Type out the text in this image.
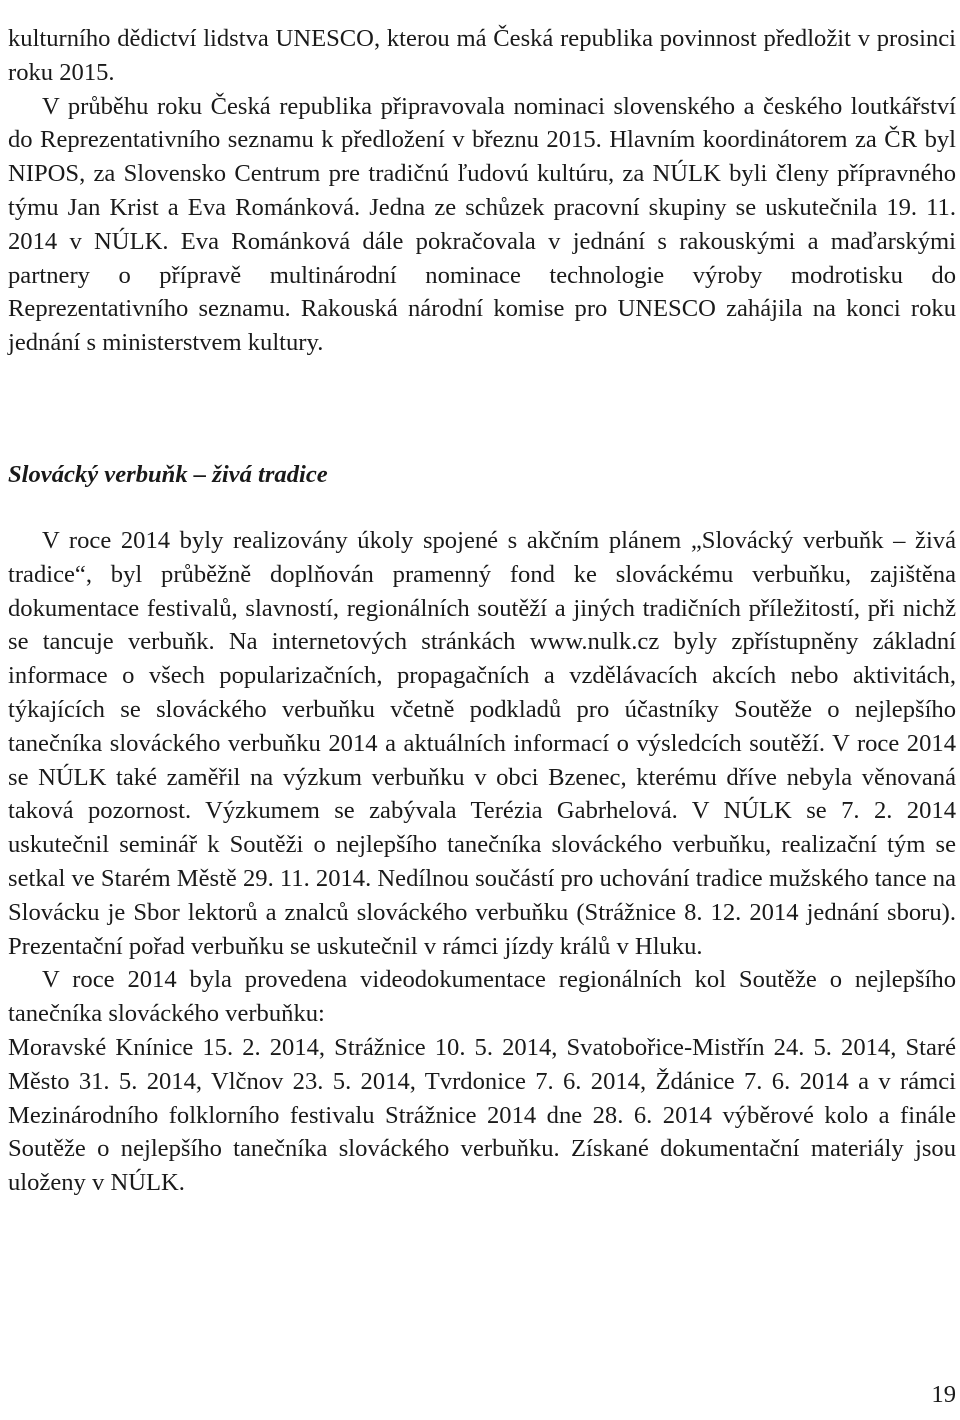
kulturního dědictví lidstva UNESCO, kterou má Česká republika povinnost předložit v prosinci roku 2015.

V průběhu roku Česká republika připravovala nominaci slovenského a českého loutkářství do Reprezentativního seznamu k předložení v březnu 2015. Hlavním koordinátorem za ČR byl NIPOS, za Slovensko Centrum pre tradičnú ľudovú kultúru, za NÚLK byli členy přípravného týmu Jan Krist a Eva Románková. Jedna ze schůzek pracovní skupiny se uskutečnila 19. 11. 2014 v NÚLK. Eva Románková dále pokračovala v jednání s rakouskými a maďarskými partnery o přípravě multinárodní nominace technologie výroby modrotisku do Reprezentativního seznamu. Rakouská národní komise pro UNESCO zahájila na konci roku jednání s ministerstvem kultury.

Slovácký verbuňk – živá tradice

V roce 2014 byly realizovány úkoly spojené s akčním plánem „Slovácký verbuňk – živá tradice“, byl průběžně doplňován pramenný fond ke slováckému verbuňku, zajištěna dokumentace festivalů, slavností, regionálních soutěží a jiných tradičních příležitostí, při nichž se tancuje verbuňk. Na internetových stránkách www.nulk.cz byly zpřístupněny základní informace o všech popularizačních, propagačních a vzdělávacích akcích nebo aktivitách, týkajících se slováckého verbuňku včetně podkladů pro účastníky Soutěže o nejlepšího tanečníka slováckého verbuňku 2014 a aktuálních informací o výsledcích soutěží. V roce 2014 se NÚLK také zaměřil na výzkum verbuňku v obci Bzenec, kterému dříve nebyla věnovaná taková pozornost. Výzkumem se zabývala Terézia Gabrhelová. V NÚLK se 7. 2. 2014 uskutečnil seminář k Soutěži o nejlepšího tanečníka slováckého verbuňku, realizační tým se setkal ve Starém Městě 29. 11. 2014. Nedílnou součástí pro uchování tradice mužského tance na Slovácku je Sbor lektorů a znalců slováckého verbuňku (Strážnice 8. 12. 2014 jednání sboru). Prezentační pořad verbuňku se uskutečnil v rámci jízdy králů v Hluku.

V roce 2014 byla provedena videodokumentace regionálních kol Soutěže o nejlepšího tanečníka slováckého verbuňku:

Moravské Knínice 15. 2. 2014, Strážnice 10. 5. 2014, Svatobořice-Mistřín 24. 5. 2014, Staré Město 31. 5. 2014, Vlčnov 23. 5. 2014, Tvrdonice 7. 6. 2014, Ždánice 7. 6. 2014 a v rámci Mezinárodního folklorního festivalu Strážnice 2014 dne 28. 6. 2014 výběrové kolo a finále Soutěže o nejlepšího tanečníka slováckého verbuňku. Získané dokumentační materiály jsou uloženy v NÚLK.

19
